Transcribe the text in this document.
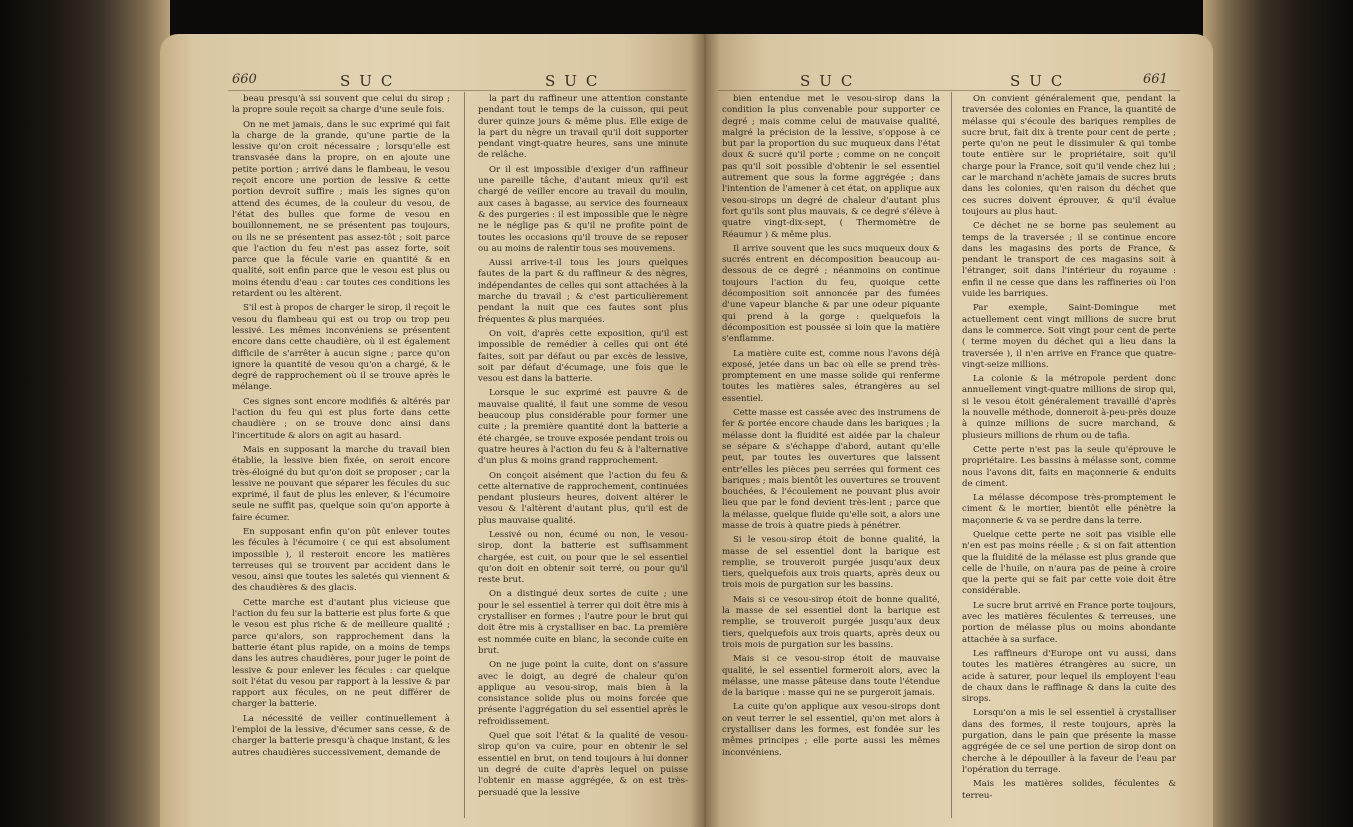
660	SUC	SUC	SUC	SUC	661

beau presqu'à ssi souvent que celui du sirop ; la propre soule reçoit sa charge d'une seule fois.

On ne met jamais, dans le suc exprimé qui fait la charge de la grande, qu'une partie de la lessive qu'on croit nécessaire ; lorsqu'elle est transvasée dans la propre, on en ajoute une petite portion ; arrivé dans le flambeau, le vesou reçoit encore une portion de lessive & cette portion devroit suffire ; mais les signes qu'on attend des écumes, de la couleur du vesou, de l'état des bulles que forme de vesou en bouillonnement, ne se présentent pas toujours, ou ils ne se présentent pas assez-tôt ; soit parce que l'action du feu n'est pas assez forte, soit parce que la fécule varie en quantité & en qualité, soit enfin parce que le vesou est plus ou moins étendu d'eau : car toutes ces conditions les retardent ou les altèrent.

S'il est à propos de charger le sirop, il reçoit le vesou du flambeau qui est ou trop ou trop peu lessivé. Les mêmes inconvéniens se présentent encore dans cette chaudière, où il est également difficile de s'arrêter à aucun signe ; parce qu'on ignore la quantité de vesou qu'on a chargé, & le degré de rapprochement où il se trouve après le mélange.

Ces signes sont encore modifiés & altérés par l'action du feu qui est plus forte dans cette chaudière ; on se trouve donc ainsi dans l'incertitude & alors on agit au hasard.

Mais en supposant la marche du travail bien établie, la lessive bien fixée, on seroit encore très-éloigné du but qu'on doit se proposer ; car la lessive ne pouvant que séparer les fécules du suc exprimé, il faut de plus les enlever, & l'écumoire seule ne suffit pas, quelque soin qu'on apporte à faire écumer.

En supposant enfin qu'on pût enlever toutes les fécules à l'écumoire ( ce qui est absolument impossible ), il resteroit encore les matières terreuses qui se trouvent par accident dans le vesou, ainsi que toutes les saletés qui viennent & des chaudières & des glacis.

Cette marche est d'autant plus vicieuse que l'action du feu sur la batterie est plus forte & que le vesou est plus riche & de meilleure qualité ; parce qu'alors, son rapprochement dans la batterie étant plus rapide, on a moins de temps dans les autres chaudières, pour juger le point de lessive & pour enlever les fécules : car quelque soit l'état du vesou par rapport à la lessive & par rapport aux fécules, on ne peut différer de charger la batterie.

La nécessité de veiller continuellement à l'emploi de la lessive, d'écumer sans cesse, & de charger la batterie presqu'à chaque instant, & les autres chaudières successivement, demande de

la part du raffineur une attention constante pendant tout le temps de la cuisson, qui peut durer quinze jours & même plus. Elle exige de la part du nègre un travail qu'il doit supporter pendant vingt-quatre heures, sans une minute de relâche.

Or il est impossible d'exiger d'un raffineur une pareille tâche, d'autant mieux qu'il est chargé de veiller encore au travail du moulin, aux cases à bagasse, au service des fourneaux & des purgeries : il est impossible que le nègre ne le néglige pas & qu'il ne profite point de toutes les occasions qu'il trouve de se reposer ou au moins de ralentir tous ses mouvemens.

Aussi arrive-t-il tous les jours quelques fautes de la part & du raffineur & des nègres, indépendantes de celles qui sont attachées à la marche du travail ; & c'est particulièrement pendant la nuit que ces fautes sont plus fréquentes & plus marquées.

On voit, d'après cette exposition, qu'il est impossible de remédier à celles qui ont été faites, soit par défaut ou par excès de lessive, soit par défaut d'écumage, une fois que le vesou est dans la batterie.

Lorsque le suc exprimé est pauvre & de mauvaise qualité, il faut une somme de vesou beaucoup plus considérable pour former une cuite ; la première quantité dont la batterie a été chargée, se trouve exposée pendant trois ou quatre heures à l'action du feu & à l'alternative d'un plus & moins grand rapprochement.

On conçoit aisément que l'action du feu & cette alternative de rapprochement, continuées pendant plusieurs heures, doivent altérer le vesou & l'altèrent d'autant plus, qu'il est de plus mauvaise qualité.

Lessivé ou non, écumé ou non, le vesou-sirop, dont la batterie est suffisamment chargée, est cuit, ou pour que le sel essentiel qu'on doit en obtenir soit terré, ou pour qu'il reste brut.

On a distingué deux sortes de cuite ; une pour le sel essentiel à terrer qui doit être mis à crystalliser en formes ; l'autre pour le brut qui doit être mis à crystalliser en bac. La première est nommée cuite en blanc, la seconde cuite en brut.

On ne juge point la cuite, dont on s'assure avec le doigt, au degré de chaleur qu'on applique au vesou-sirop, mais bien à la consistance solide plus ou moins forcée que présente l'aggrégation du sel essentiel après le refroidissement.

Quel que soit l'état & la qualité de vesou-sirop qu'on va cuire, pour en obtenir le sel essentiel en brut, on tend toujours à lui donner un degré de cuite d'après lequel on puisse l'obtenir en masse aggrégée, & on est très-persuadé que la lessive

bien entendue met le vesou-sirop dans la condition la plus convenable pour supporter ce degré ; mais comme celui de mauvaise qualité, malgré la précision de la lessive, s'oppose à ce but par la proportion du suc muqueux dans l'état doux & sucré qu'il porte ; comme on ne conçoit pas qu'il soit possible d'obtenir le sel essentiel autrement que sous la forme aggrégée ; dans l'intention de l'amener à cet état, on applique aux vesou-sirops un degré de chaleur d'autant plus fort qu'ils sont plus mauvais, & ce degré s'élève à quatre vingt-dix-sept, ( Thermomètre de Réaumur ) & même plus.

Il arrive souvent que les sucs muqueux doux & sucrés entrent en décomposition beaucoup au-dessous de ce degré ; néanmoins on continue toujours l'action du feu, quoique cette décomposition soit annoncée par des fumées d'une vapeur blanche & par une odeur piquante qui prend à la gorge : quelquefois la décomposition est poussée si loin que la matière s'enflamme.

La matière cuite est, comme nous l'avons déjà exposé, jetée dans un bac où elle se prend très-promptement en une masse solide qui renferme toutes les matières sales, étrangères au sel essentiel.

Cette masse est cassée avec des instrumens de fer & portée encore chaude dans les bariques ; la mélasse dont la fluidité est aidée par la chaleur se sépare & s'échappe d'abord, autant qu'elle peut, par toutes les ouvertures que laissent entr'elles les pièces peu serrées qui forment ces bariques ; mais bientôt les ouvertures se trouvent bouchées, & l'écoulement ne pouvant plus avoir lieu que par le fond devient très-lent ; parce que la mélasse, quelque fluide qu'elle soit, a alors une masse de trois à quatre pieds à pénétrer.

Si le vesou-sirop étoit de bonne qualité, la masse de sel essentiel dont la barique est remplie, se trouveroit purgée jusqu'aux deux tiers, quelquefois aux trois quarts, après deux ou trois mois de purgation sur les bassins.

Mais si ce vesou-sirop étoit de bonne qualité, la masse de sel essentiel dont la barique est remplie, se trouveroit purgée jusqu'aux deux tiers, quelquefois aux trois quarts, après deux ou trois mois de purgation sur les bassins.

Mais si ce vesou-sirop étoit de mauvaise qualité, le sel essentiel formeroit alors, avec la mélasse, une masse pâteuse dans toute l'étendue de la barique : masse qui ne se purgeroit jamais.

La cuite qu'on applique aux vesou-sirops dont on veut terrer le sel essentiel, qu'on met alors à crystalliser dans les formes, est fondée sur les mêmes principes ; elle porte aussi les mêmes inconvéniens.

On convient généralement que, pendant la traversée des colonies en France, la quantité de mélasse qui s'écoule des bariques remplies de sucre brut, fait dix à trente pour cent de perte ; perte qu'on ne peut le dissimuler & qui tombe toute entière sur le propriétaire, soit qu'il charge pour la France, soit qu'il vende chez lui ; car le marchand n'achète jamais de sucres bruts dans les colonies, qu'en raison du déchet que ces sucres doivent éprouver, & qu'il évalue toujours au plus haut.

Ce déchet ne se borne pas seulement au temps de la traversée ; il se continue encore dans les magasins des ports de France, & pendant le transport de ces magasins soit à l'étranger, soit dans l'intérieur du royaume : enfin il ne cesse que dans les raffineries où l'on vuide les barriques.

Par exemple, Saint-Domingue met actuellement cent vingt millions de sucre brut dans le commerce. Soit vingt pour cent de perte ( terme moyen du déchet qui a lieu dans la traversée ), il n'en arrive en France que quatre-vingt-seize millions.

La colonie & la métropole perdent donc annuellement vingt-quatre millions de sirop qui, si le vesou étoit généralement travaillé d'après la nouvelle méthode, donneroit à-peu-près douze à quinze millions de sucre marchand, & plusieurs millions de rhum ou de tafia.

Cette perte n'est pas la seule qu'éprouve le propriétaire. Les bassins à mélasse sont, comme nous l'avons dit, faits en maçonnerie & enduits de ciment.

La mélasse décompose très-promptement le ciment & le mortier, bientôt elle pénètre la maçonnerie & va se perdre dans la terre.

Quelque cette perte ne soit pas visible elle n'en est pas moins réelle ; & si on fait attention que la fluidité de la mélasse est plus grande que celle de l'huile, on n'aura pas de peine à croire que la perte qui se fait par cette voie doit être considérable.

Le sucre brut arrivé en France porte toujours, avec les matières féculentes & terreuses, une portion de mélasse plus ou moins abondante attachée à sa surface.

Les raffineurs d'Europe ont vu aussi, dans toutes les matières étrangères au sucre, un acide à saturer, pour lequel ils employent l'eau de chaux dans le raffinage & dans la cuite des sirops.

Lorsqu'on a mis le sel essentiel à crystalliser dans des formes, il reste toujours, après la purgation, dans le pain que présente la masse aggrégée de ce sel une portion de sirop dont on cherche à le dépouiller à la faveur de l'eau par l'opération du terrage.

Mais les matières solides, féculentes & terreu-
